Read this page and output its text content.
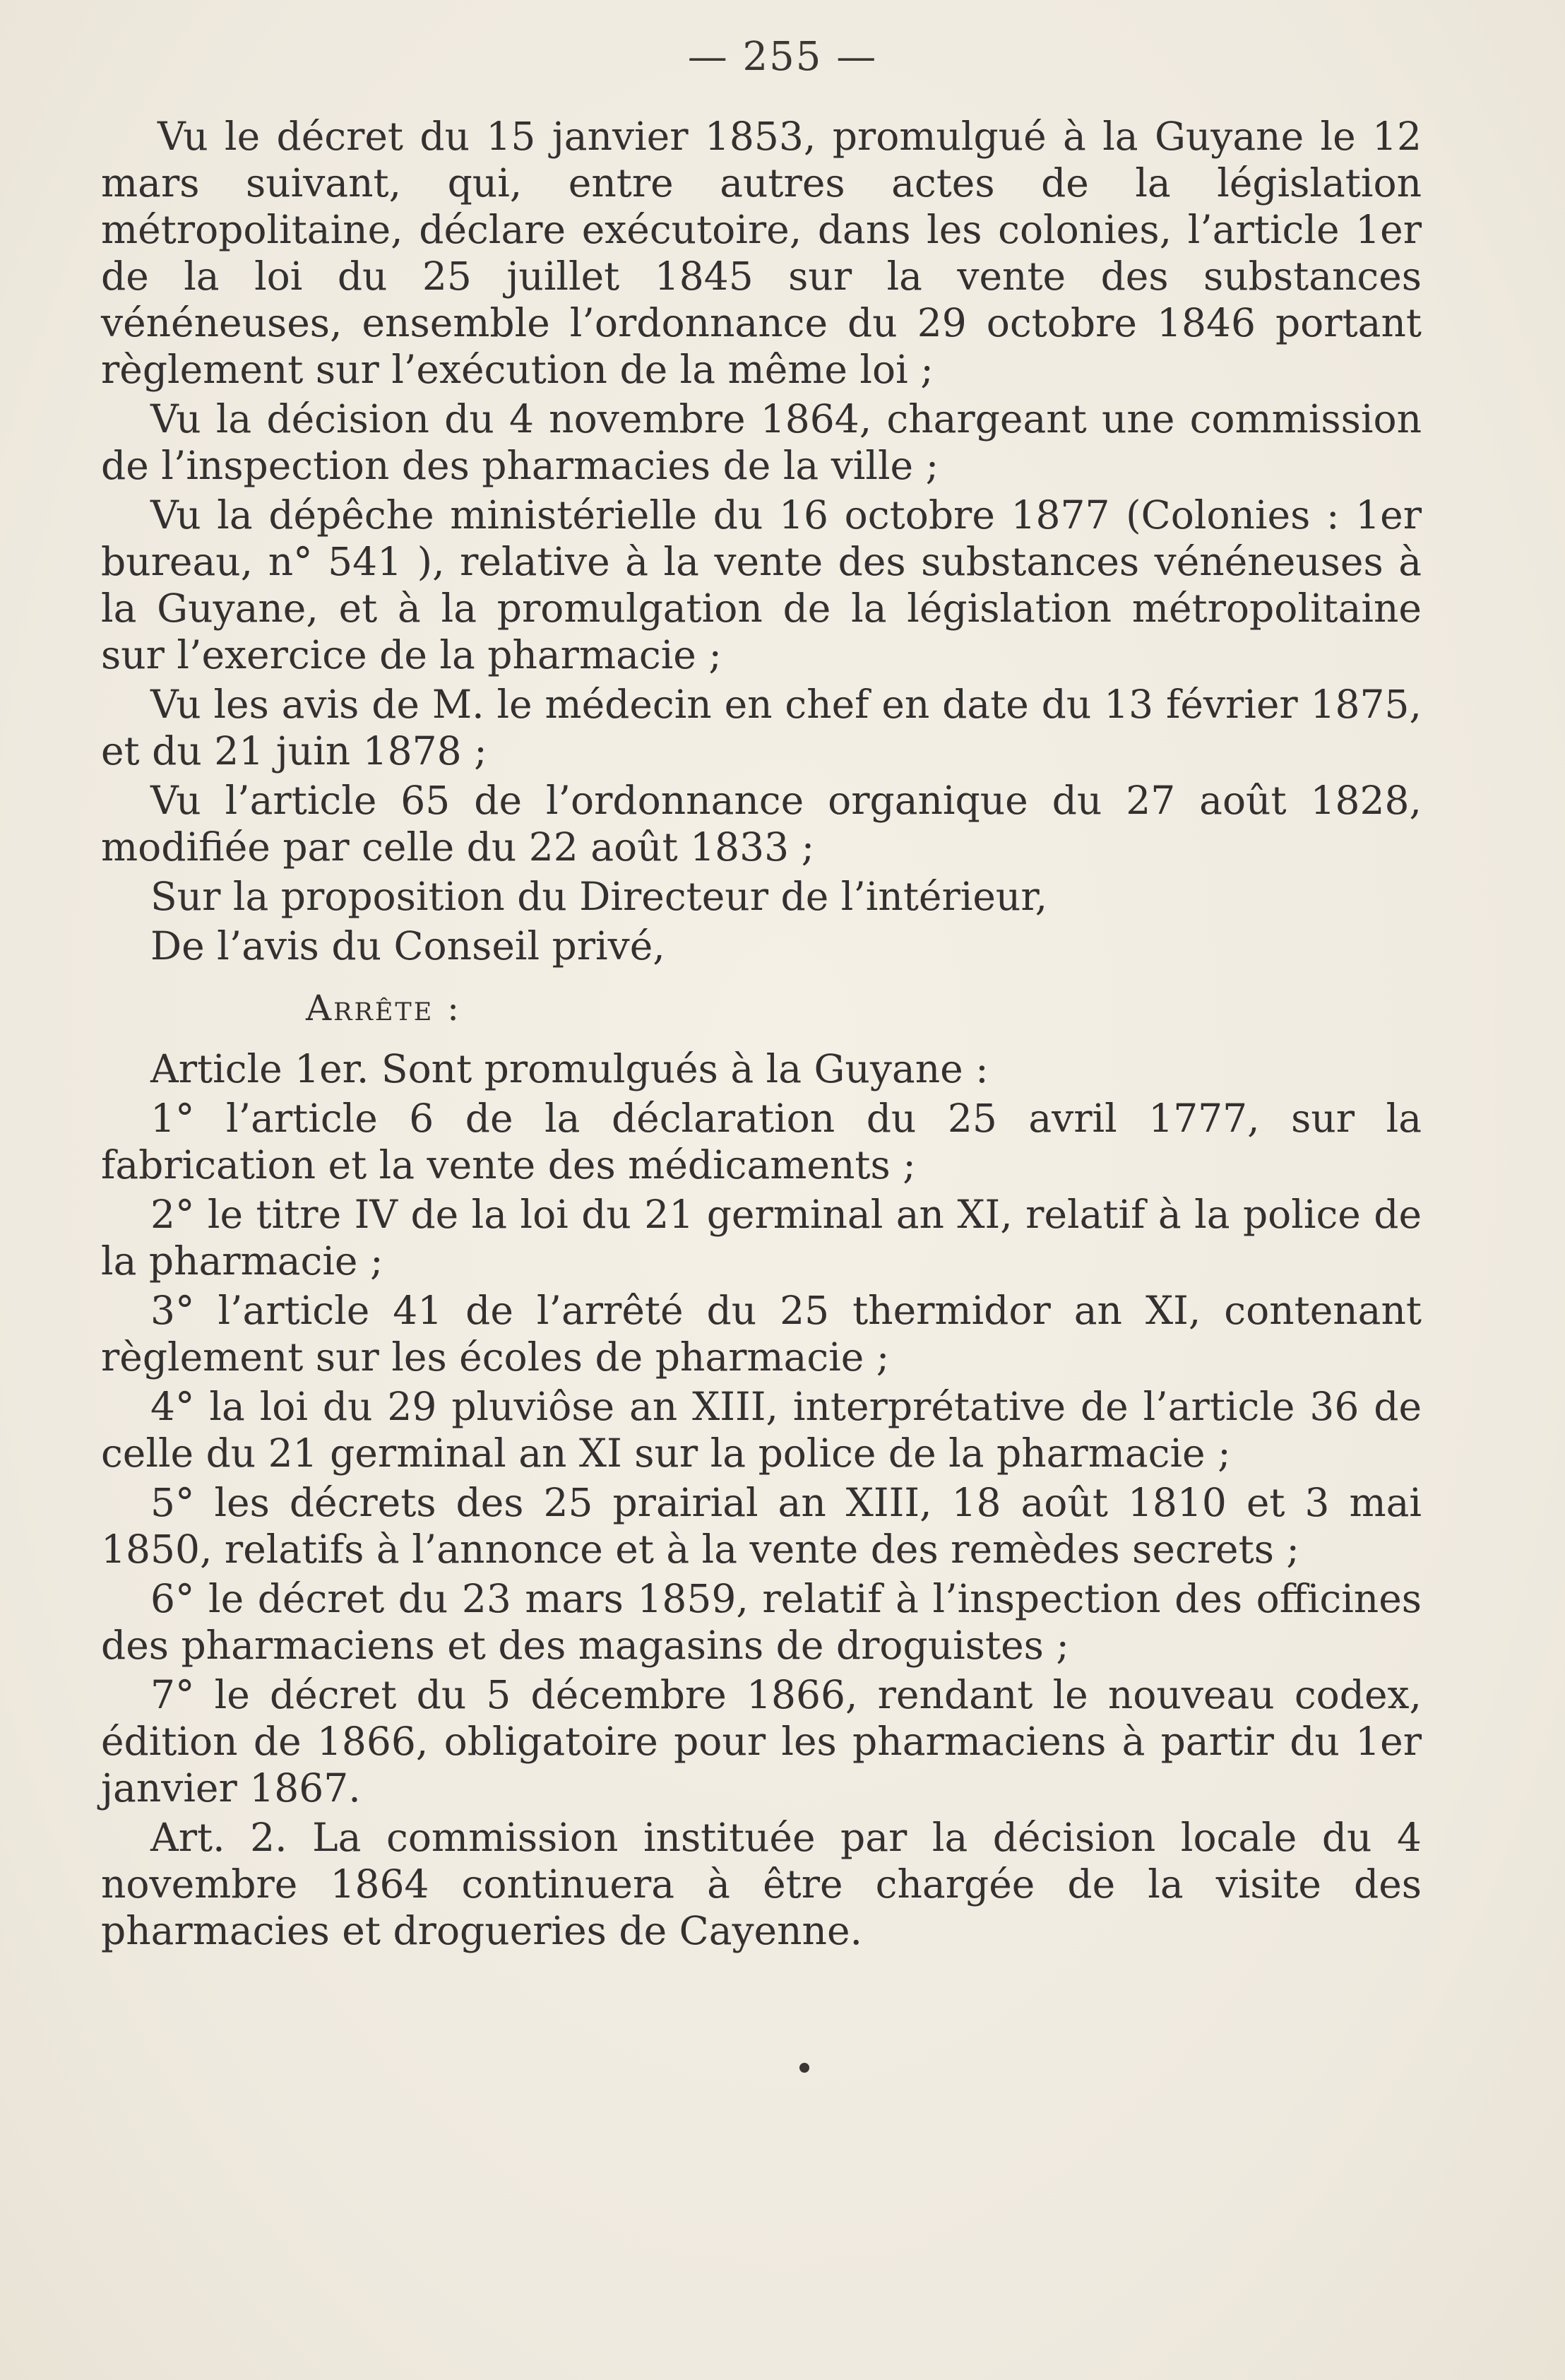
— 255 —

Vu le décret du 15 janvier 1853, promulgué à la Guyane le 12 mars suivant, qui, entre autres actes de la législation métropolitaine, déclare exécutoire, dans les colonies, l’article 1er de la loi du 25 juillet 1845 sur la vente des substances vénéneuses, ensemble l’ordonnance du 29 octobre 1846 portant règlement sur l’exécution de la même loi ;

Vu la décision du 4 novembre 1864, chargeant une commission de l’inspection des pharmacies de la ville ;

Vu la dépêche ministérielle du 16 octobre 1877 (Colonies : 1er bureau, n° 541 ), relative à la vente des substances vénéneuses à la Guyane, et à la promulgation de la législation métropolitaine sur l’exercice de la pharmacie ;

Vu les avis de M. le médecin en chef en date du 13 février 1875, et du 21 juin 1878 ;

Vu l’article 65 de l’ordonnance organique du 27 août 1828, modifiée par celle du 22 août 1833 ;

Sur la proposition du Directeur de l’intérieur,

De l’avis du Conseil privé,

Arrête :

Article 1er. Sont promulgués à la Guyane :

1° l’article 6 de la déclaration du 25 avril 1777, sur la fabrication et la vente des médicaments ;

2° le titre IV de la loi du 21 germinal an XI, relatif à la police de la pharmacie ;

3° l’article 41 de l’arrêté du 25 thermidor an XI, contenant règlement sur les écoles de pharmacie ;

4° la loi du 29 pluviôse an XIII, interprétative de l’article 36 de celle du 21 germinal an XI sur la police de la pharmacie ;

5° les décrets des 25 prairial an XIII, 18 août 1810 et 3 mai 1850, relatifs à l’annonce et à la vente des remèdes secrets ;

6° le décret du 23 mars 1859, relatif à l’inspection des officines des pharmaciens et des magasins de droguistes ;

7° le décret du 5 décembre 1866, rendant le nouveau codex, édition de 1866, obligatoire pour les pharmaciens à partir du 1er janvier 1867.

Art. 2. La commission instituée par la décision locale du 4 novembre 1864 continuera à être chargée de la visite des pharmacies et drogueries de Cayenne.
